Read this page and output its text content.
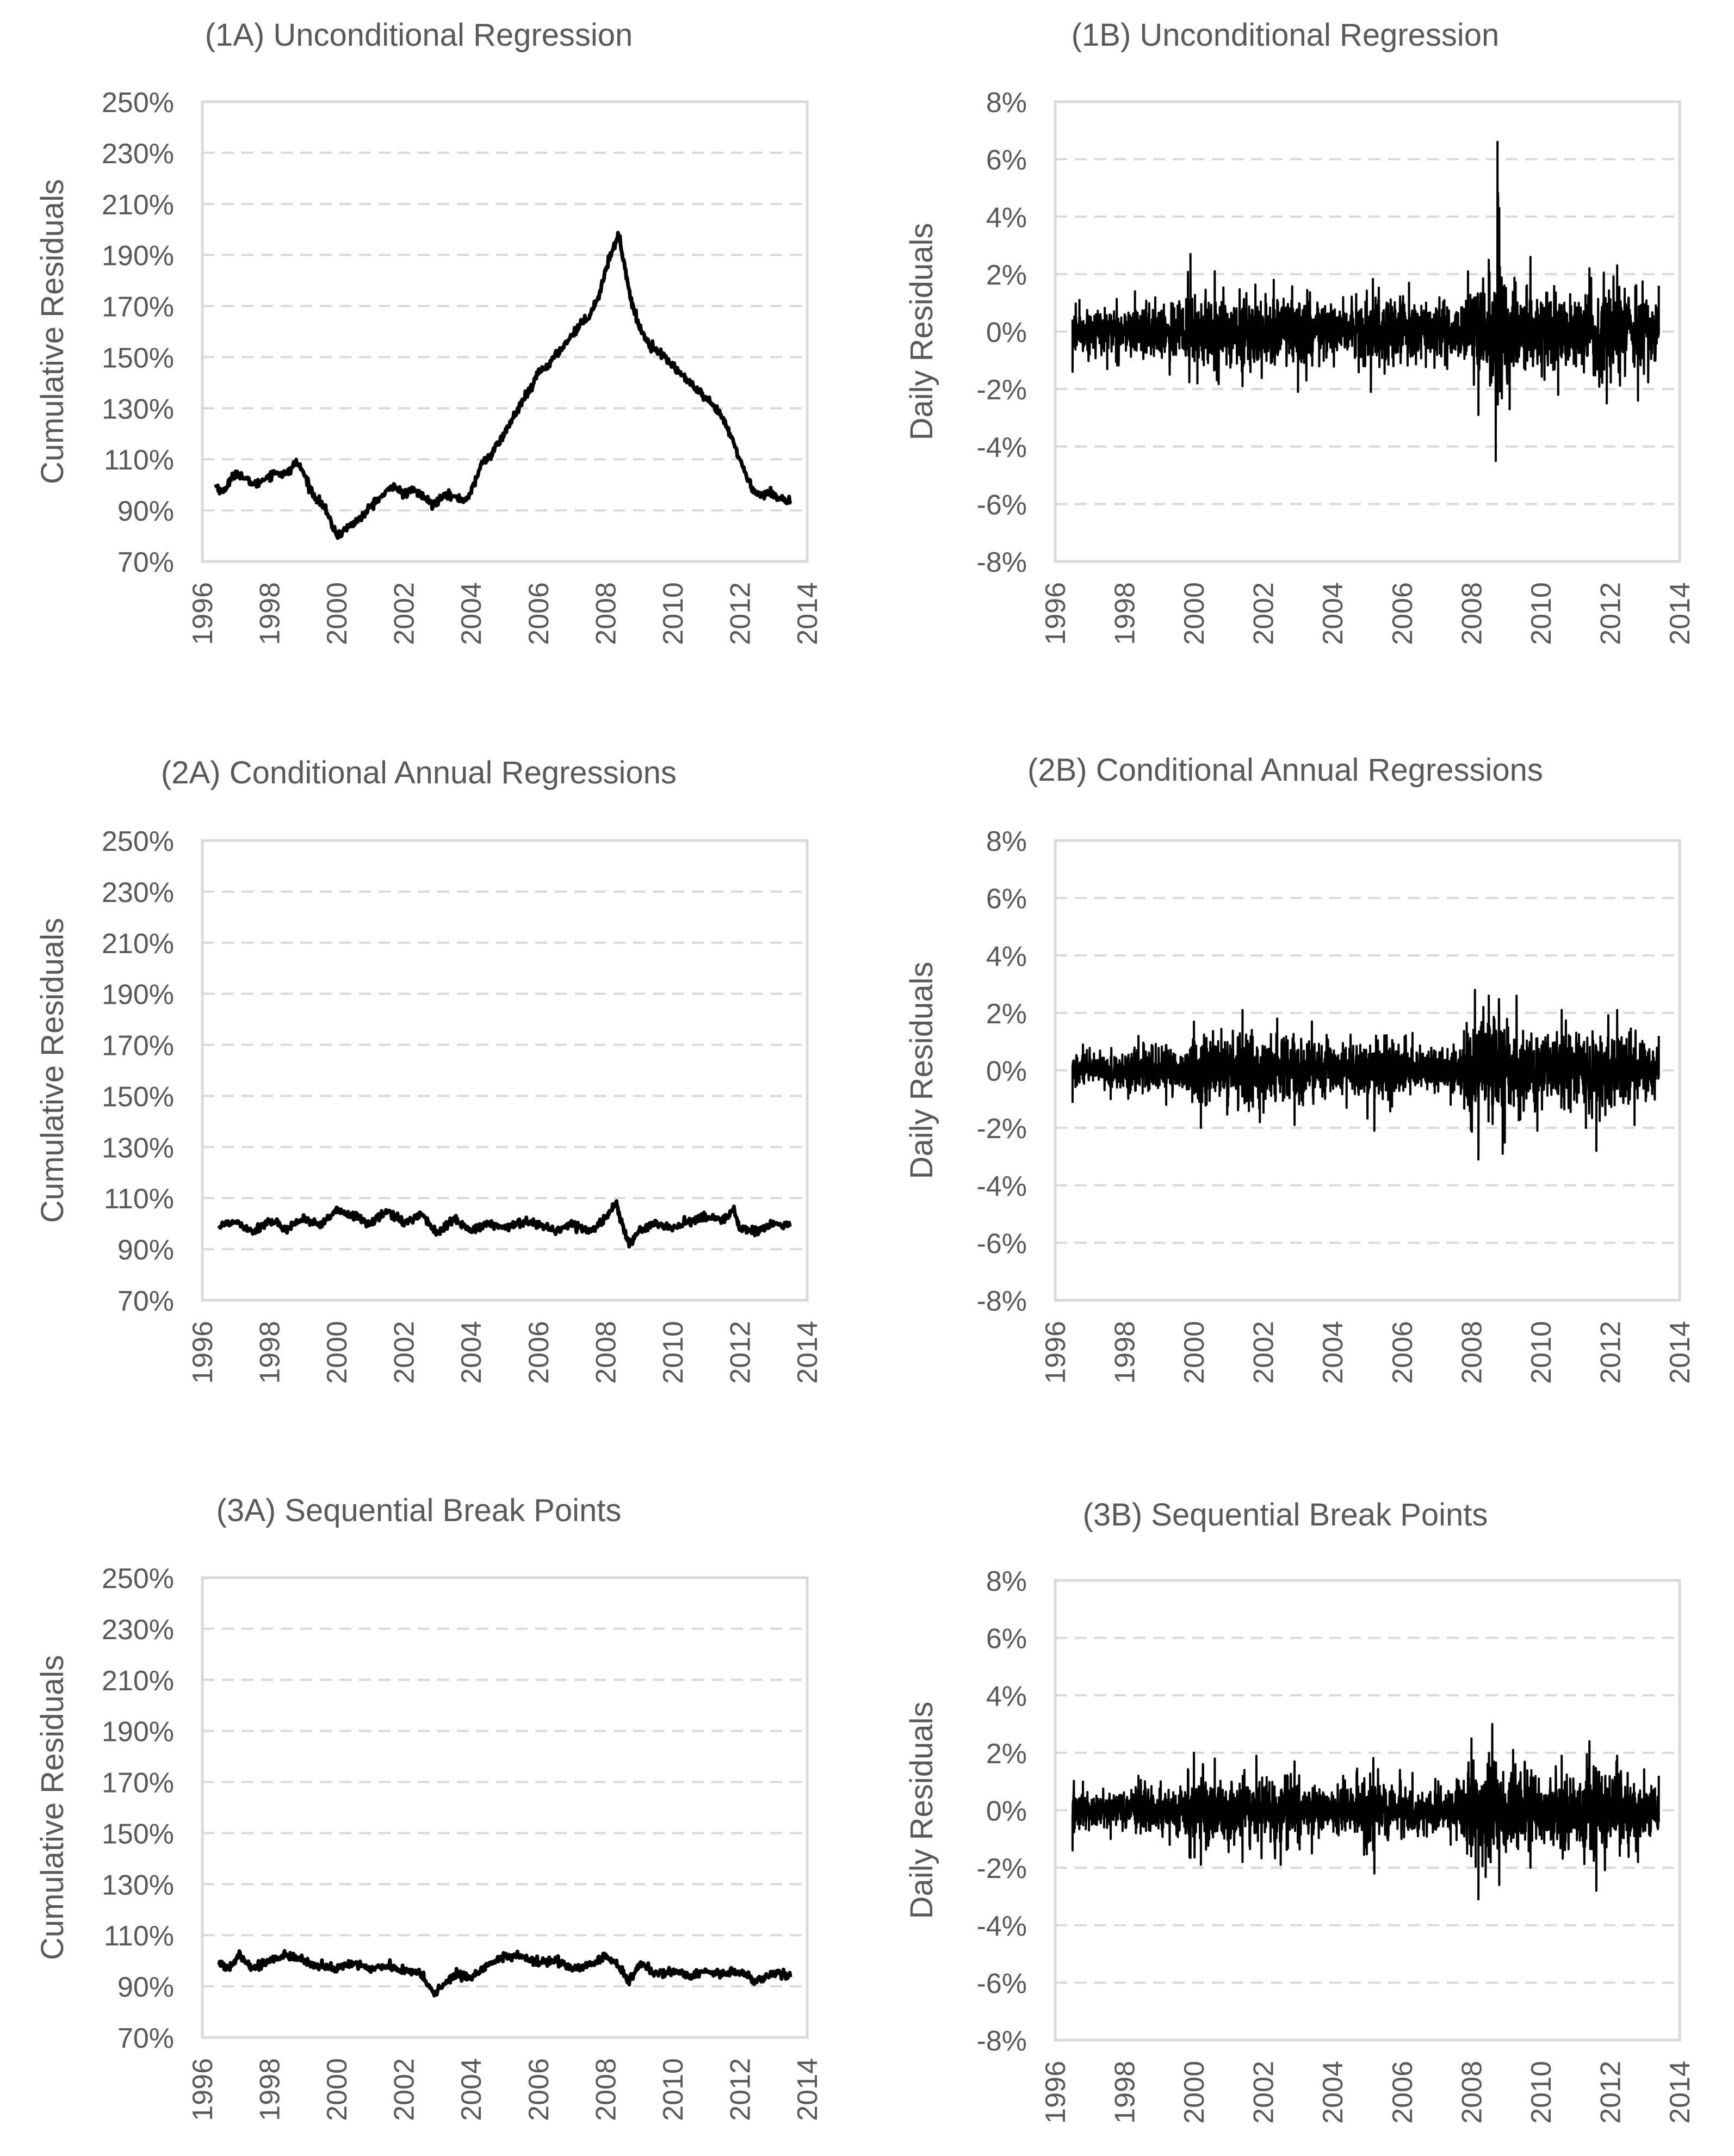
(1A) Unconditional Regression
Cumulative Residuals
70%
90%
110%
130%
150%
170%
190%
210%
230%
250%
1996 1998 2000 2002 2004 2006 2008 2010 2012 2014
(1B) Unconditional Regression
Daily Residuals
-8%
-6%
-4%
-2%
0%
2%
4%
6%
8%
1996 1998 2000 2002 2004 2006 2008 2010 2012 2014
(2A) Conditional Annual Regressions
Cumulative Residuals
70%
90%
110%
130%
150%
170%
190%
210%
230%
250%
1996 1998 2000 2002 2004 2006 2008 2010 2012 2014
(2B) Conditional Annual Regressions
Daily Residuals
-8%
-6%
-4%
-2%
0%
2%
4%
6%
8%
1996 1998 2000 2002 2004 2006 2008 2010 2012 2014
(3A) Sequential Break Points
Cumulative Residuals
70%
90%
110%
130%
150%
170%
190%
210%
230%
250%
1996 1998 2000 2002 2004 2006 2008 2010 2012 2014
(3B) Sequential Break Points
Daily Residuals
-8%
-6%
-4%
-2%
0%
2%
4%
6%
8%
1996 1998 2000 2002 2004 2006 2008 2010 2012 2014
